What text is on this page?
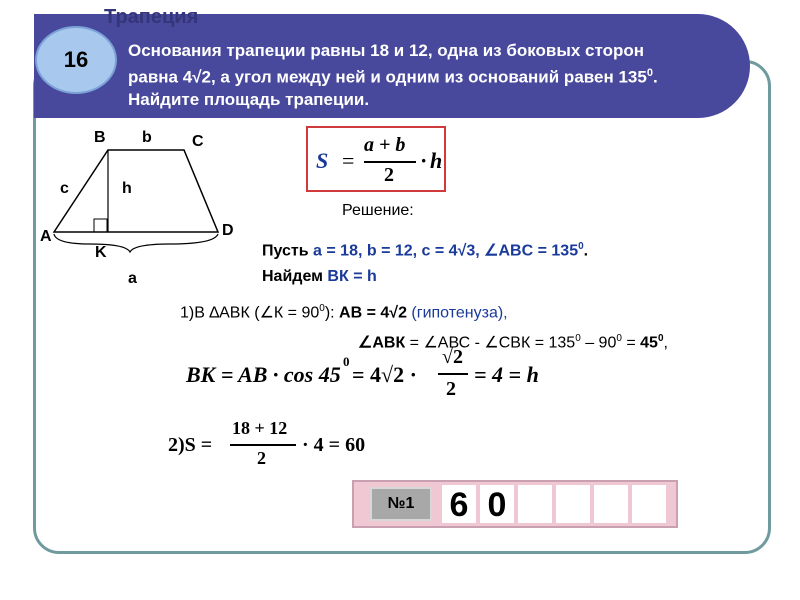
Трапеция
16 Основания трапеции равны 18 и 12, одна из боковых сторон
равна 4√2, а угол между ней и одним из оснований равен $135^0$.
Найдите площадь трапеции.
B b	C
c	h
A	D
K
a
S =
a + b
2
· h
Решение:
Пусть a = 18, b = 12, c = 4√3, ∠ABC = $135^0$.
Найдем ВК = h
1)В ∆АВК (∠К = $90^0$): АВ = 4√2 (гипотенуза),
∠АВК = ∠АВС - ∠СВК = $135^0 - 90^0 = 45^0$,
BK = AB · cos 45
0
= 4√2 ·
√2
2
= 4 = h
2)S =
18 + 12
2
· 4 = 60
№1	6 0
